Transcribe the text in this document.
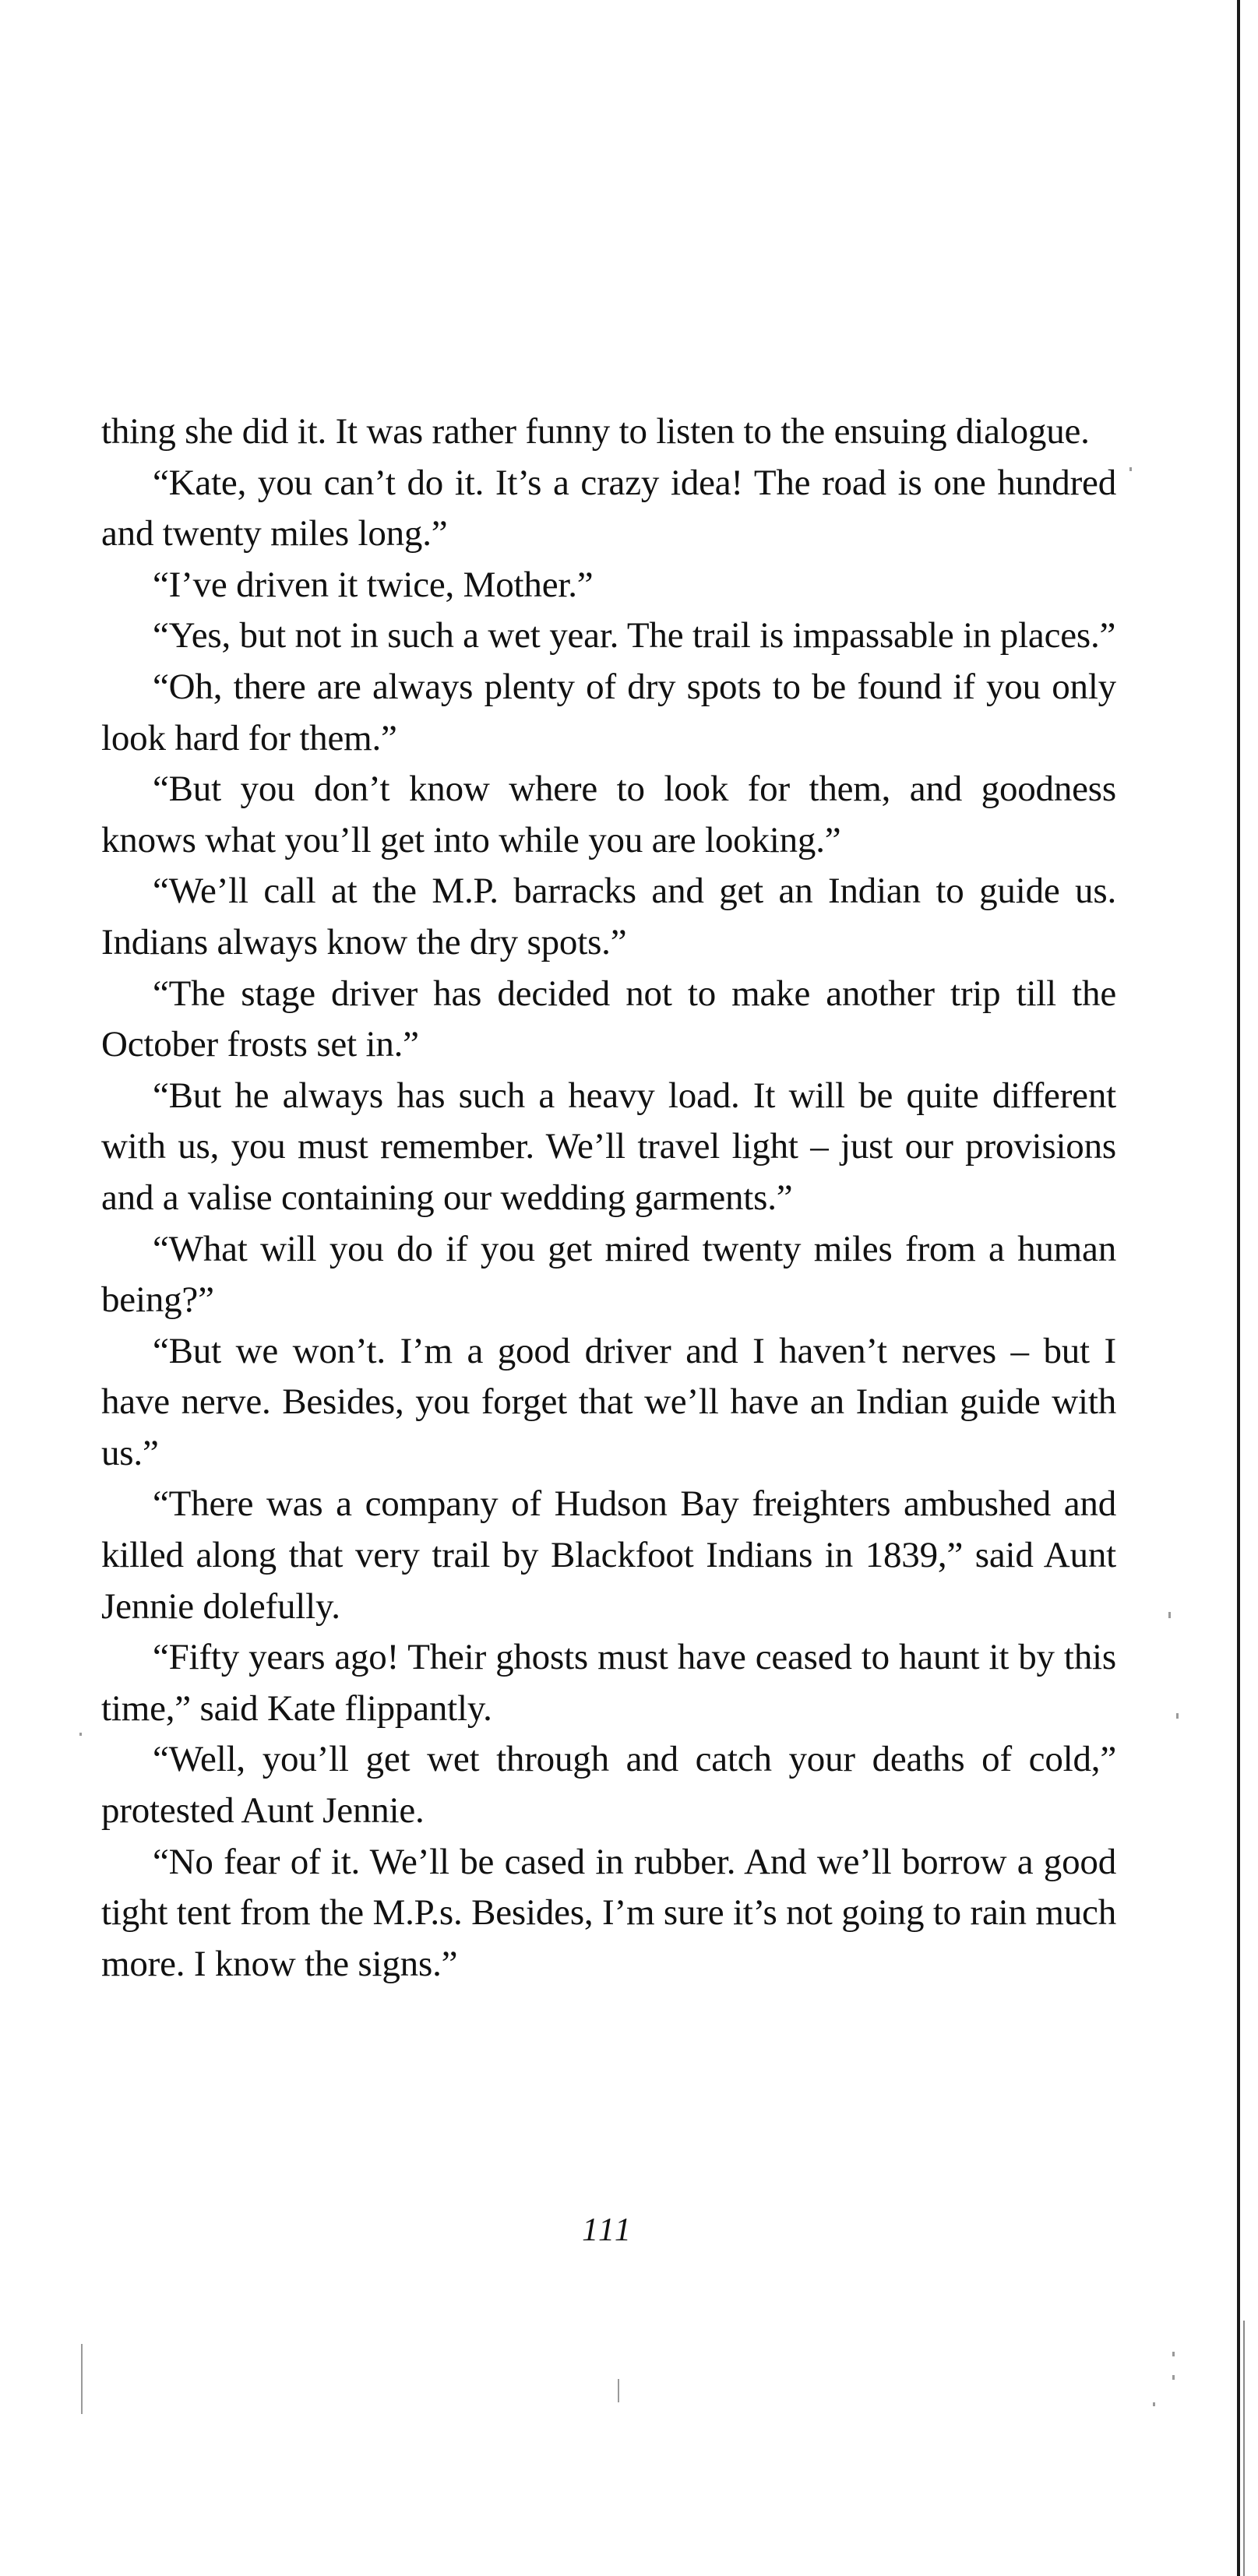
thing she did it. It was rather funny to listen to the ensuing dialogue.

“Kate, you can’t do it. It’s a crazy idea! The road is one hundred and twenty miles long.”

“I’ve driven it twice, Mother.”

“Yes, but not in such a wet year. The trail is impassable in places.”

“Oh, there are always plenty of dry spots to be found if you only look hard for them.”

“But you don’t know where to look for them, and goodness knows what you’ll get into while you are looking.”

“We’ll call at the M.P. barracks and get an Indian to guide us. Indians always know the dry spots.”

“The stage driver has decided not to make another trip till the October frosts set in.”

“But he always has such a heavy load. It will be quite different with us, you must remember. We’ll travel light – just our provisions and a valise containing our wedding garments.”

“What will you do if you get mired twenty miles from a human being?”

“But we won’t. I’m a good driver and I haven’t nerves – but I have nerve. Besides, you forget that we’ll have an Indian guide with us.”

“There was a company of Hudson Bay freighters ambushed and killed along that very trail by Blackfoot Indians in 1839,” said Aunt Jennie dolefully.

“Fifty years ago! Their ghosts must have ceased to haunt it by this time,” said Kate flippantly.

“Well, you’ll get wet through and catch your deaths of cold,” protested Aunt Jennie.

“No fear of it. We’ll be cased in rubber. And we’ll borrow a good tight tent from the M.P.s. Besides, I’m sure it’s not going to rain much more. I know the signs.”

111
